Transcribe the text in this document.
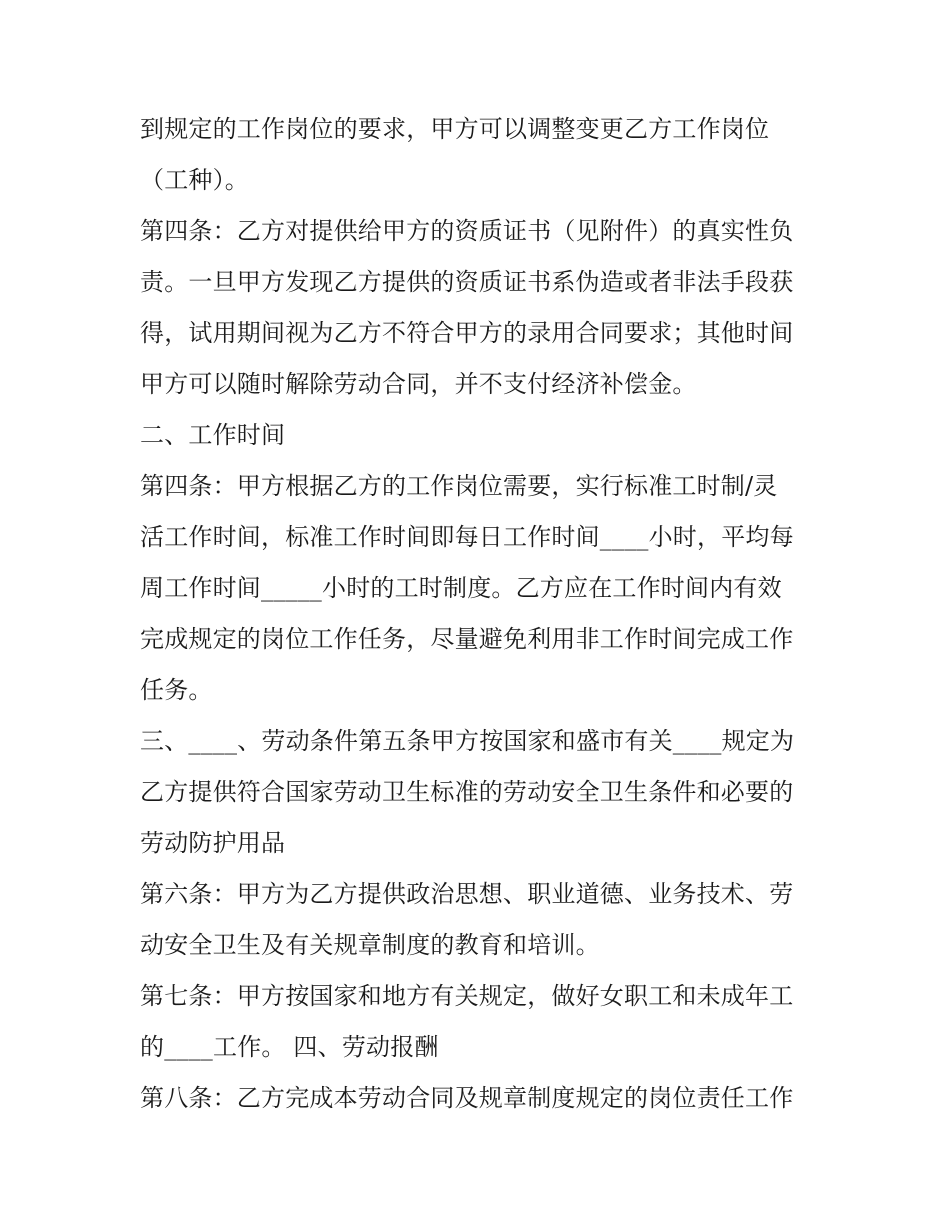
到规定的工作岗位的要求，甲方可以调整变更乙方工作岗位
（工种）。
第四条：乙方对提供给甲方的资质证书（见附件）的真实性负
责。一旦甲方发现乙方提供的资质证书系伪造或者非法手段获
得，试用期间视为乙方不符合甲方的录用合同要求；其他时间
甲方可以随时解除劳动合同，并不支付经济补偿金。
二、工作时间
第四条：甲方根据乙方的工作岗位需要，实行标准工时制/灵
活工作时间，标准工作时间即每日工作时间____小时，平均每
周工作时间_____小时的工时制度。乙方应在工作时间内有效
完成规定的岗位工作任务，尽量避免利用非工作时间完成工作
任务。
三、____、劳动条件第五条甲方按国家和盛市有关____规定为
乙方提供符合国家劳动卫生标准的劳动安全卫生条件和必要的
劳动防护用品
第六条：甲方为乙方提供政治思想、职业道德、业务技术、劳
动安全卫生及有关规章制度的教育和培训。
第七条：甲方按国家和地方有关规定，做好女职工和未成年工
的____工作。 四、劳动报酬
第八条：乙方完成本劳动合同及规章制度规定的岗位责任工作
